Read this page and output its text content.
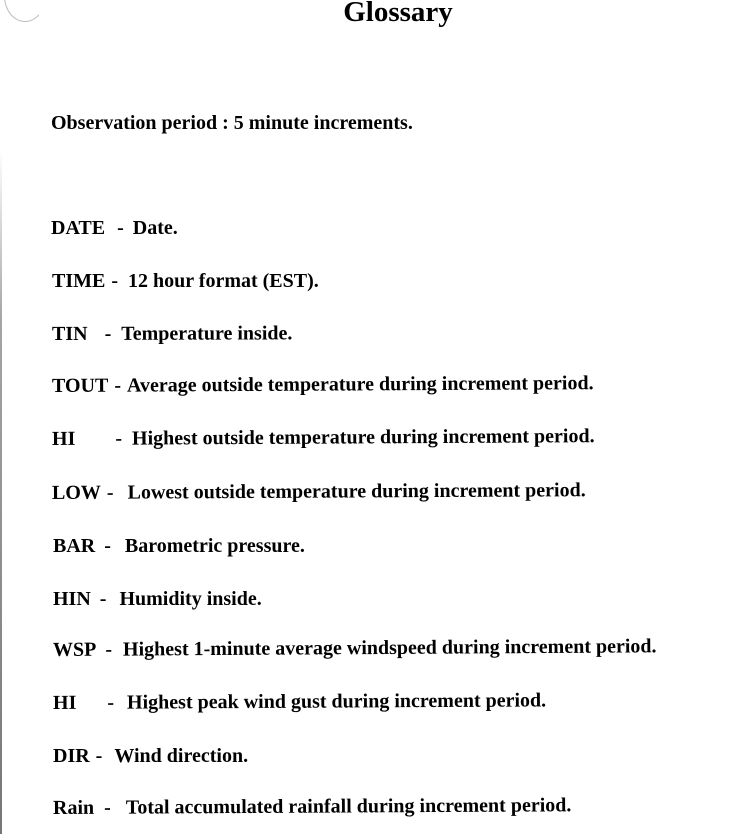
Glossary

Observation period : 5 minute increments.

DATE - Date.
TIME - 12 hour format (EST).
TIN - Temperature inside.
TOUT - Average outside temperature during increment period.
HI - Highest outside temperature during increment period.
LOW - Lowest outside temperature during increment period.
BAR - Barometric pressure.
HIN - Humidity inside.
WSP - Highest 1-minute average windspeed during increment period.
HI - Highest peak wind gust during increment period.
DIR - Wind direction.
Rain - Total accumulated rainfall during increment period.
